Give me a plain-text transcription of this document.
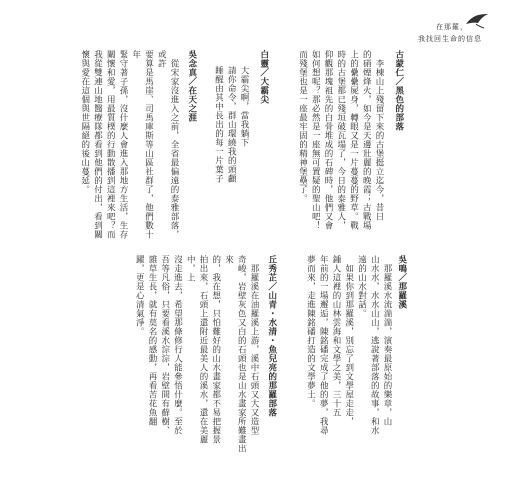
在那羅，
我找回生命的信息
古蒙仁／黑色的部落
　李棟山上殘留下來的古堡挺立迄今，昔日
的硝煙烽火，如今是天邊壯麗的晚霞；古戰場
上的纍纍屍身，轉眼又是一片蔓蔓的野草。戰
時的古堡都已殘垣破瓦塌了，今日的泰雅人，
仰觀那塊祖先的白骨堆成的石碑時，他們又會
如何想呢？那必然是一座無可置疑的聖山吧！
而殘堡也是一座最牢固的精神堡壘了。
白靈／大霸尖
大霸尖啊，當我躺下
請你命令，群山環繞我的頭顱
睡醒由其中長出的每一片葉子
吳念真／在天之涯
　從宋家沒進入之前，全省最偏遠的泰雅部落，或許
要算是馬崖、司馬庫斯等山區社群了，他們數十年
緊守著子孫，沒什麼人會進入那地方生活，生存
關懷和愛，用最質樸的行動散播到這裡來吧？而
我從雙連山地醫療隊都看到他們的付出，看到關
懷與愛在這個與世隔絕的後山蔓延。
吳鳴／那羅溪
　那羅溪水流湍湍，演奏最原始的樂章，山
山水水，水水山山，逃說著部落的故事，和水
遠的山水對話。
　如果你到那羅溪，別忘了到文學屋走走，
鍾人這裡的山林雲海和文學之美，三十五
年前的一場邂逅，陳銘磻完成了他的夢，我尋
夢而來，走進陳銘磻打造的文學夢土。
丘秀芷／山青・水清・魚兒亮的那羅部落
　那羅溪在油羅溪上游，溪中石頭又大又造型
奇峻，岩壁灰色又白的石頭也是山水畫家所難畫出來
的，我在想，只怕難好的山水畫家都不易把握景
拍出來，石頭上還附近最美人的溪水，還在美麗中，上
沒走進去，希望那條修行人能參悟什麼。至於
吾等凡俗，只要看溪水淙淙，岩壁間有蘚樹、
雜草生長，就有莫名的感動，再看苦花魚翻
躍，更是心清氣淨。
